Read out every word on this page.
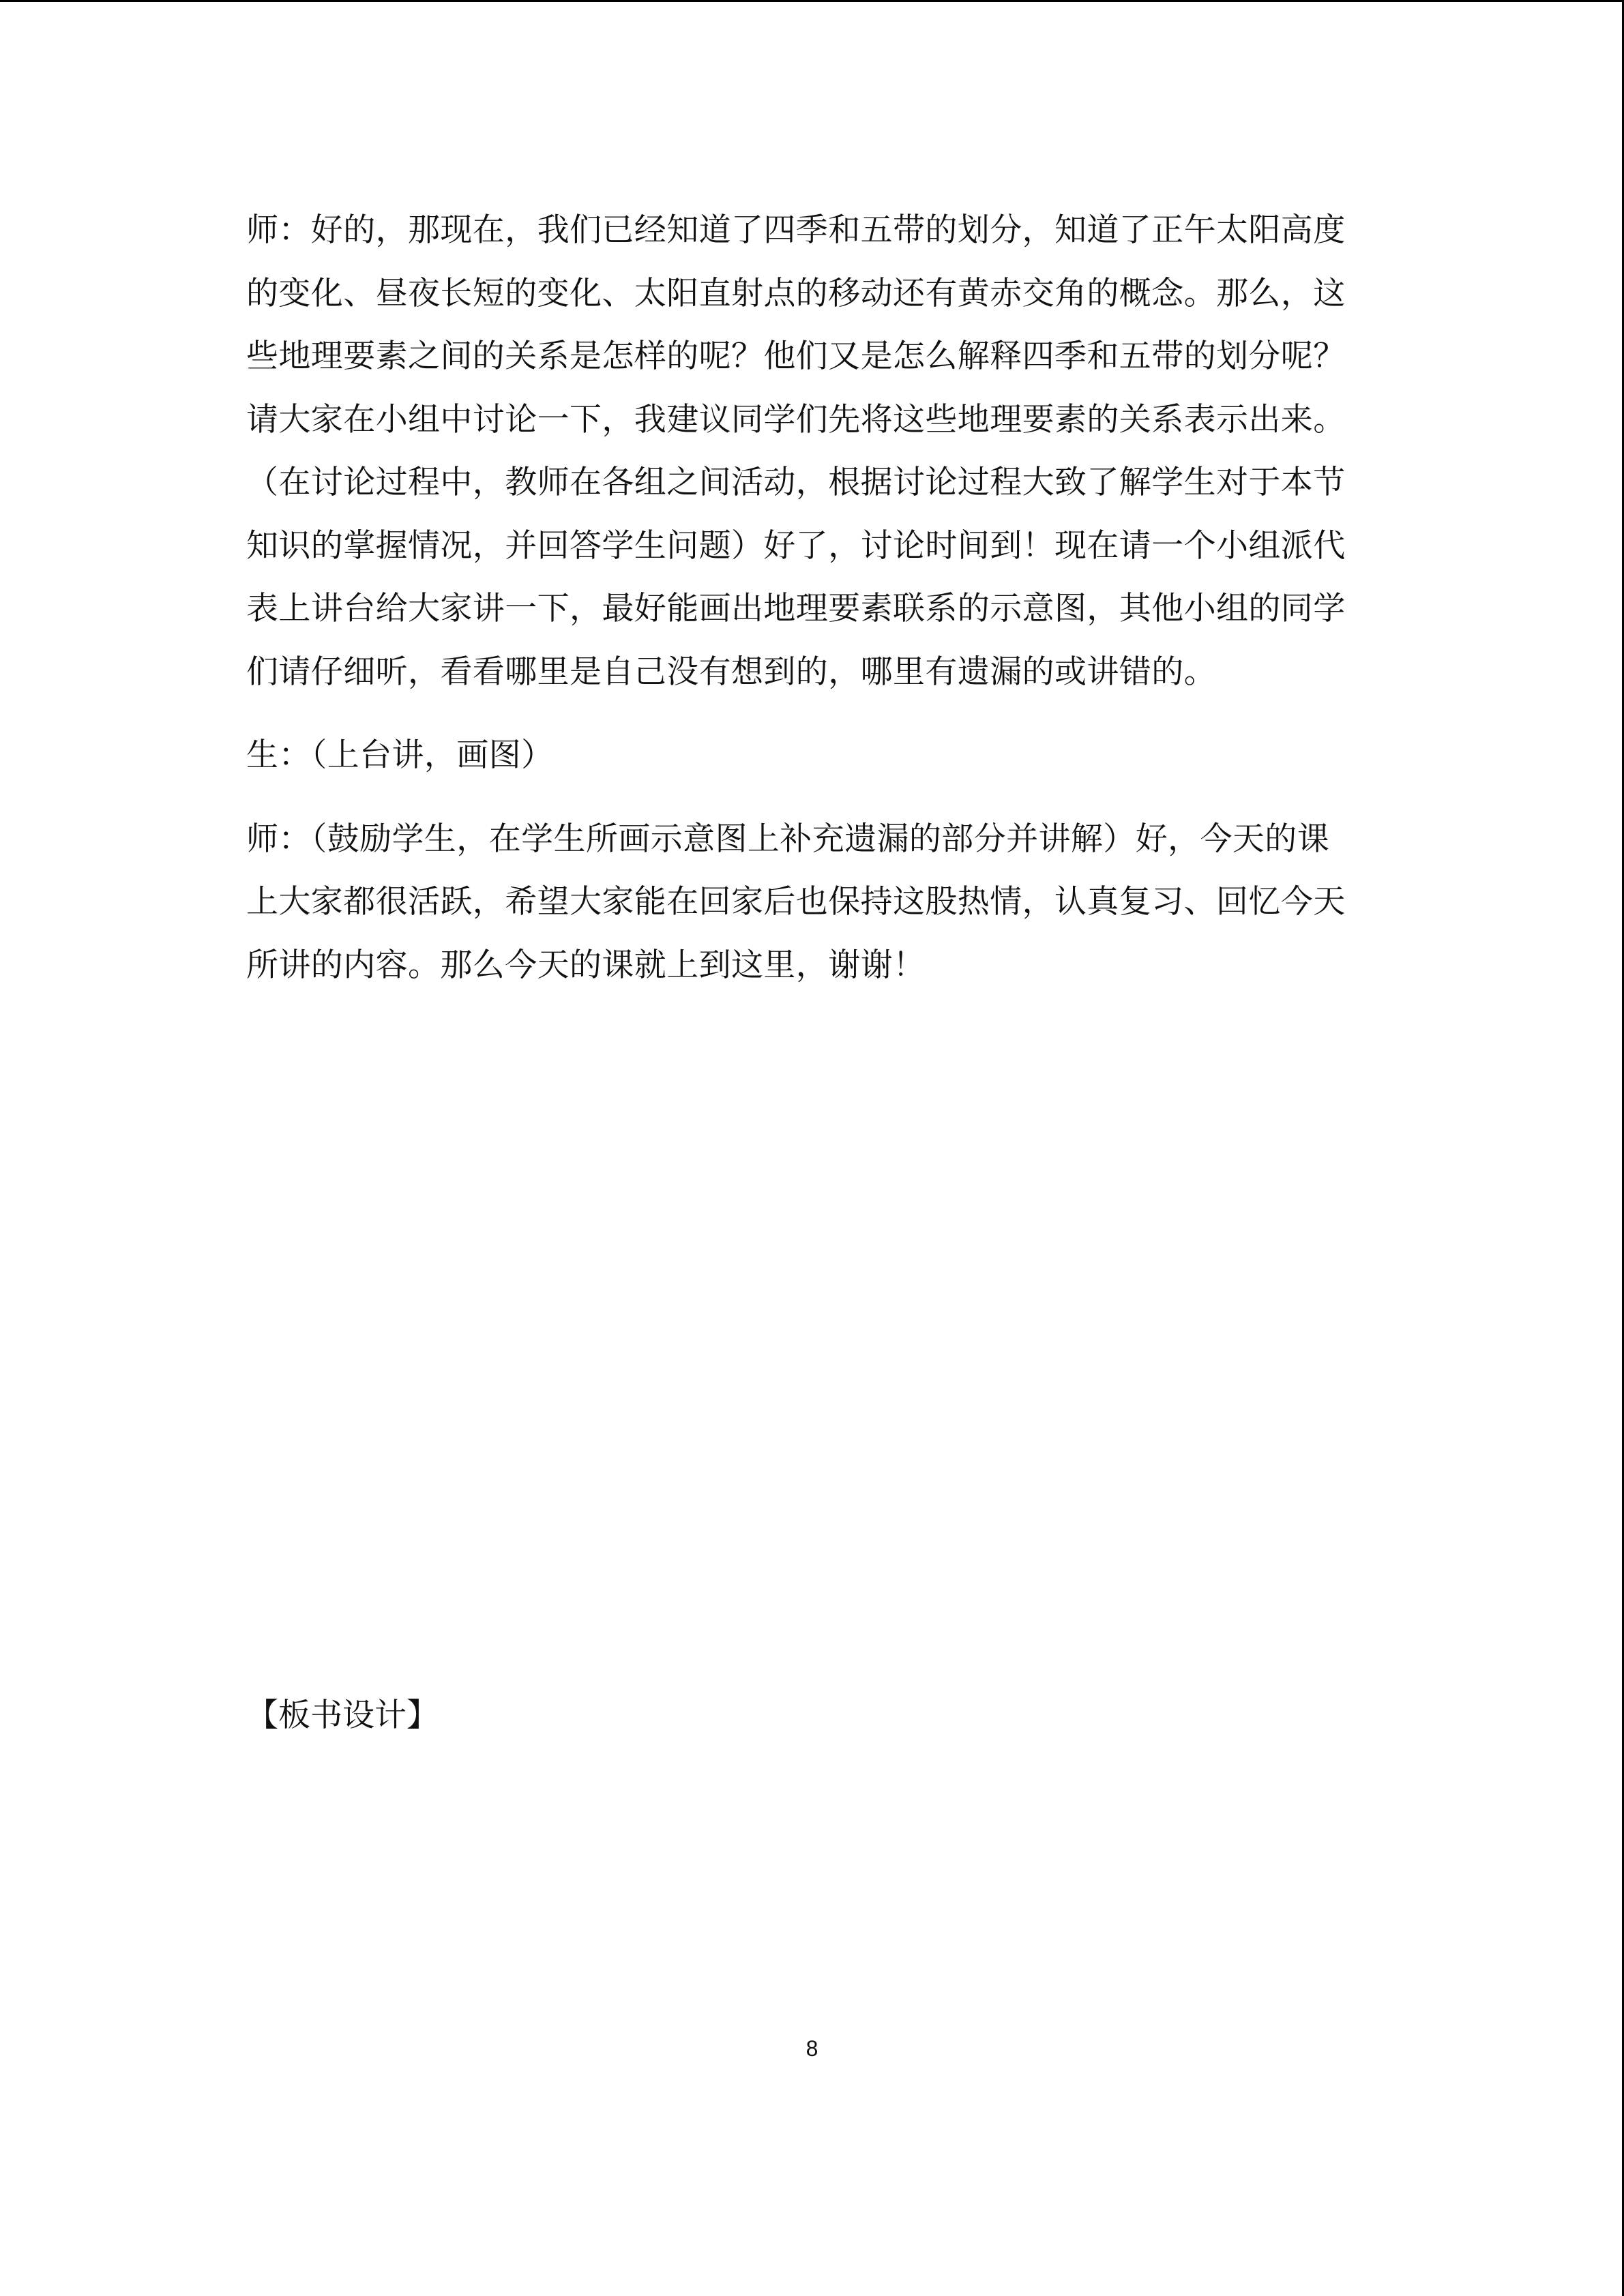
师：好的，那现在，我们已经知道了四季和五带的划分，知道了正午太阳高度
的变化、昼夜长短的变化、太阳直射点的移动还有黄赤交角的概念。那么，这
些地理要素之间的关系是怎样的呢？他们又是怎么解释四季和五带的划分呢？
请大家在小组中讨论一下，我建议同学们先将这些地理要素的关系表示出来。
（在讨论过程中，教师在各组之间活动，根据讨论过程大致了解学生对于本节
知识的掌握情况，并回答学生问题）好了，讨论时间到！现在请一个小组派代
表上讲台给大家讲一下，最好能画出地理要素联系的示意图，其他小组的同学
们请仔细听，看看哪里是自己没有想到的，哪里有遗漏的或讲错的。

生：（上台讲，画图）

师：（鼓励学生，在学生所画示意图上补充遗漏的部分并讲解）好，今天的课
上大家都很活跃，希望大家能在回家后也保持这股热情，认真复习、回忆今天
所讲的内容。那么今天的课就上到这里，谢谢！

【板书设计】
8
